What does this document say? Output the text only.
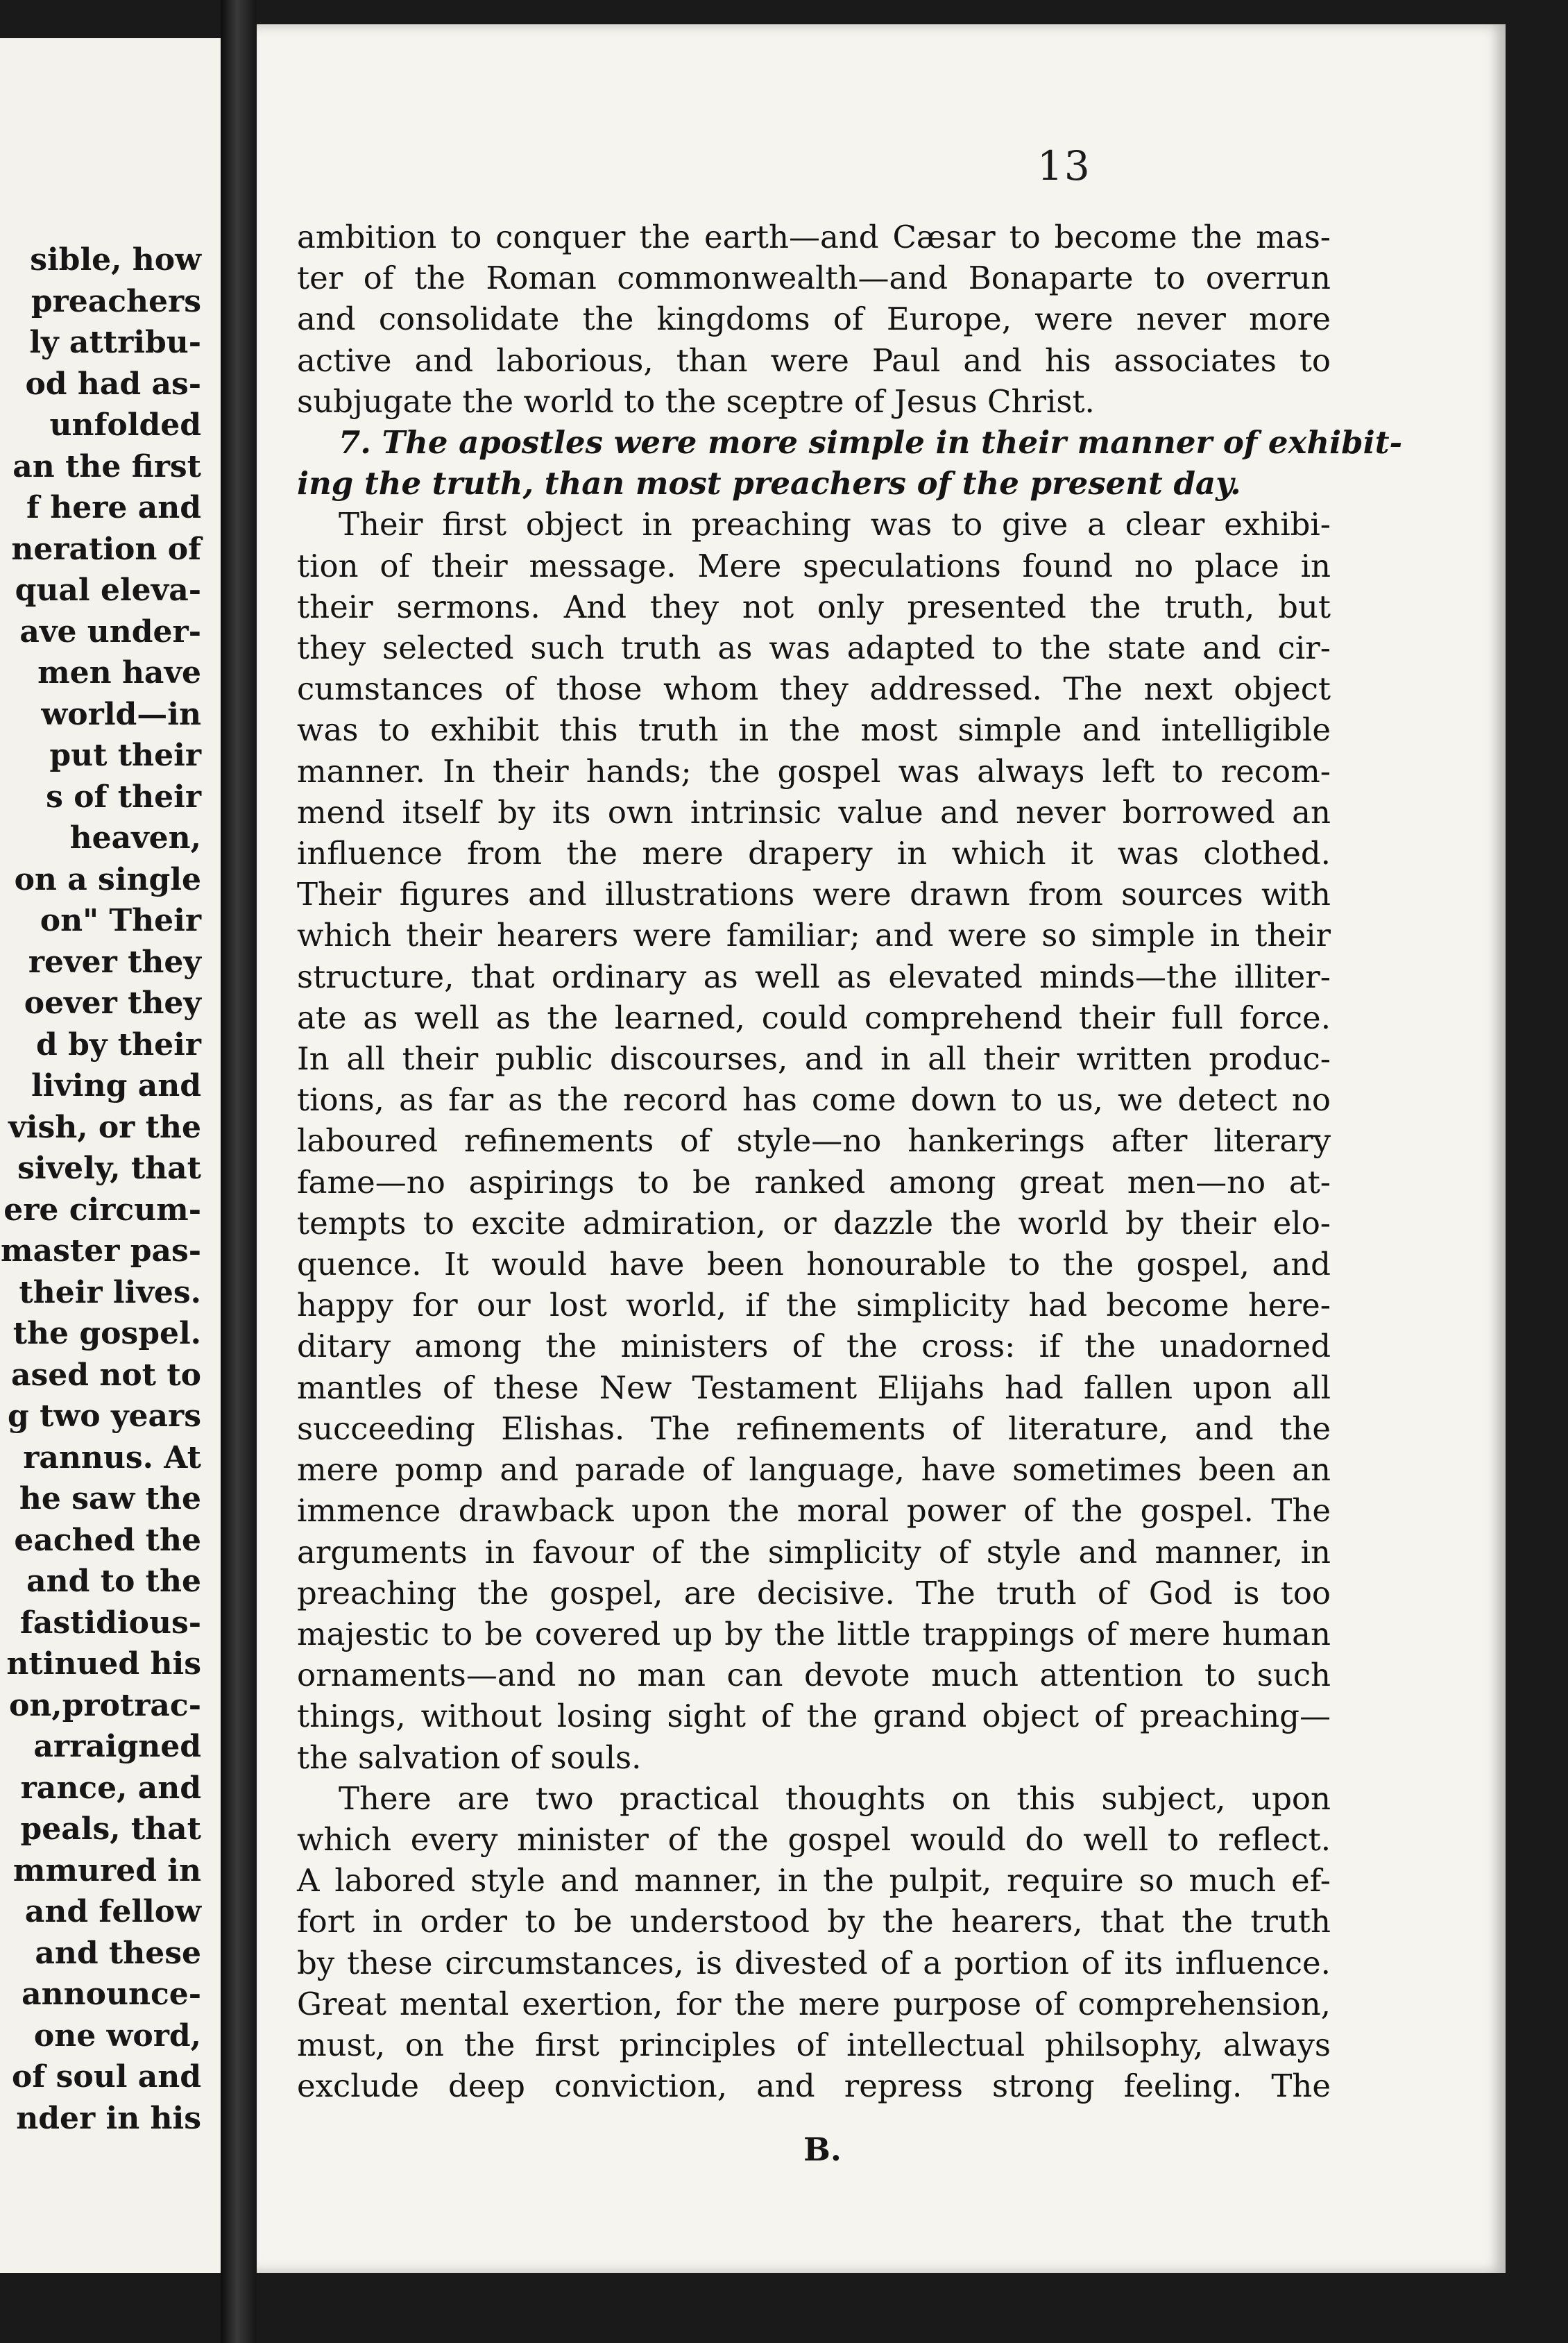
sible, how
preachers
ly attribu-
od had as-
unfolded
an the first
f here and
neration of
qual eleva-
ave under-
men have
world—in
put their
s of their
heaven,
on a single
on" Their
rever they
oever they
d by their
living and
vish, or the
sively, that
ere circum-
master pas-
their lives.
the gospel.
ased not to
g two years
rannus. At
he saw the
eached the
and to the
fastidious-
ntinued his
on,protrac-
arraigned
rance, and
peals, that
mmured in
and fellow
and these
announce-
one word,
of soul and
nder in his
13
ambition to conquer the earth—and Cæsar to become the mas-
ter of the Roman commonwealth—and Bonaparte to overrun
and consolidate the kingdoms of Europe, were never more
active and laborious, than were Paul and his associates to
subjugate the world to the sceptre of Jesus Christ.
7. The apostles were more simple in their manner of exhibit-
ing the truth, than most preachers of the present day.
Their first object in preaching was to give a clear exhibi-
tion of their message. Mere speculations found no place in
their sermons. And they not only presented the truth, but
they selected such truth as was adapted to the state and cir-
cumstances of those whom they addressed. The next object
was to exhibit this truth in the most simple and intelligible
manner. In their hands; the gospel was always left to recom-
mend itself by its own intrinsic value and never borrowed an
influence from the mere drapery in which it was clothed.
Their figures and illustrations were drawn from sources with
which their hearers were familiar; and were so simple in their
structure, that ordinary as well as elevated minds—the illiter-
ate as well as the learned, could comprehend their full force.
In all their public discourses, and in all their written produc-
tions, as far as the record has come down to us, we detect no
laboured refinements of style—no hankerings after literary
fame—no aspirings to be ranked among great men—no at-
tempts to excite admiration, or dazzle the world by their elo-
quence. It would have been honourable to the gospel, and
happy for our lost world, if the simplicity had become here-
ditary among the ministers of the cross: if the unadorned
mantles of these New Testament Elijahs had fallen upon all
succeeding Elishas. The refinements of literature, and the
mere pomp and parade of language, have sometimes been an
immence drawback upon the moral power of the gospel. The
arguments in favour of the simplicity of style and manner, in
preaching the gospel, are decisive. The truth of God is too
majestic to be covered up by the little trappings of mere human
ornaments—and no man can devote much attention to such
things, without losing sight of the grand object of preaching—
the salvation of souls.
There are two practical thoughts on this subject, upon
which every minister of the gospel would do well to reflect.
A labored style and manner, in the pulpit, require so much ef-
fort in order to be understood by the hearers, that the truth
by these circumstances, is divested of a portion of its influence.
Great mental exertion, for the mere purpose of comprehension,
must, on the first principles of intellectual philsophy, always
exclude deep conviction, and repress strong feeling. The
B.
